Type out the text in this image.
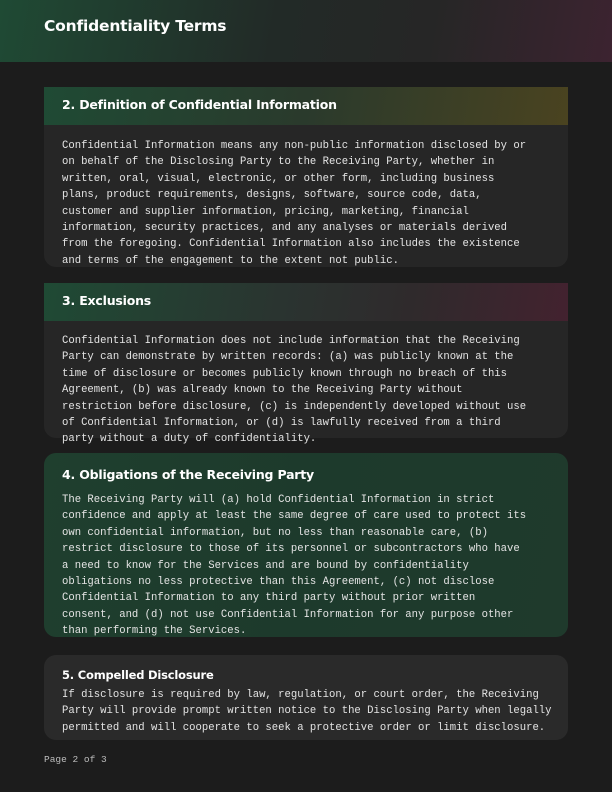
Confidentiality Terms
2. Definition of Confidential Information
Confidential Information means any non-public information disclosed by or
on behalf of the Disclosing Party to the Receiving Party, whether in
written, oral, visual, electronic, or other form, including business
plans, product requirements, designs, software, source code, data,
customer and supplier information, pricing, marketing, financial
information, security practices, and any analyses or materials derived
from the foregoing. Confidential Information also includes the existence
and terms of the engagement to the extent not public.
3. Exclusions
Confidential Information does not include information that the Receiving
Party can demonstrate by written records: (a) was publicly known at the
time of disclosure or becomes publicly known through no breach of this
Agreement, (b) was already known to the Receiving Party without
restriction before disclosure, (c) is independently developed without use
of Confidential Information, or (d) is lawfully received from a third
party without a duty of confidentiality.
4. Obligations of the Receiving Party
The Receiving Party will (a) hold Confidential Information in strict
confidence and apply at least the same degree of care used to protect its
own confidential information, but no less than reasonable care, (b)
restrict disclosure to those of its personnel or subcontractors who have
a need to know for the Services and are bound by confidentiality
obligations no less protective than this Agreement, (c) not disclose
Confidential Information to any third party without prior written
consent, and (d) not use Confidential Information for any purpose other
than performing the Services.
5. Compelled Disclosure
If disclosure is required by law, regulation, or court order, the Receiving
Party will provide prompt written notice to the Disclosing Party when legally
permitted and will cooperate to seek a protective order or limit disclosure.
Page 2 of 3
